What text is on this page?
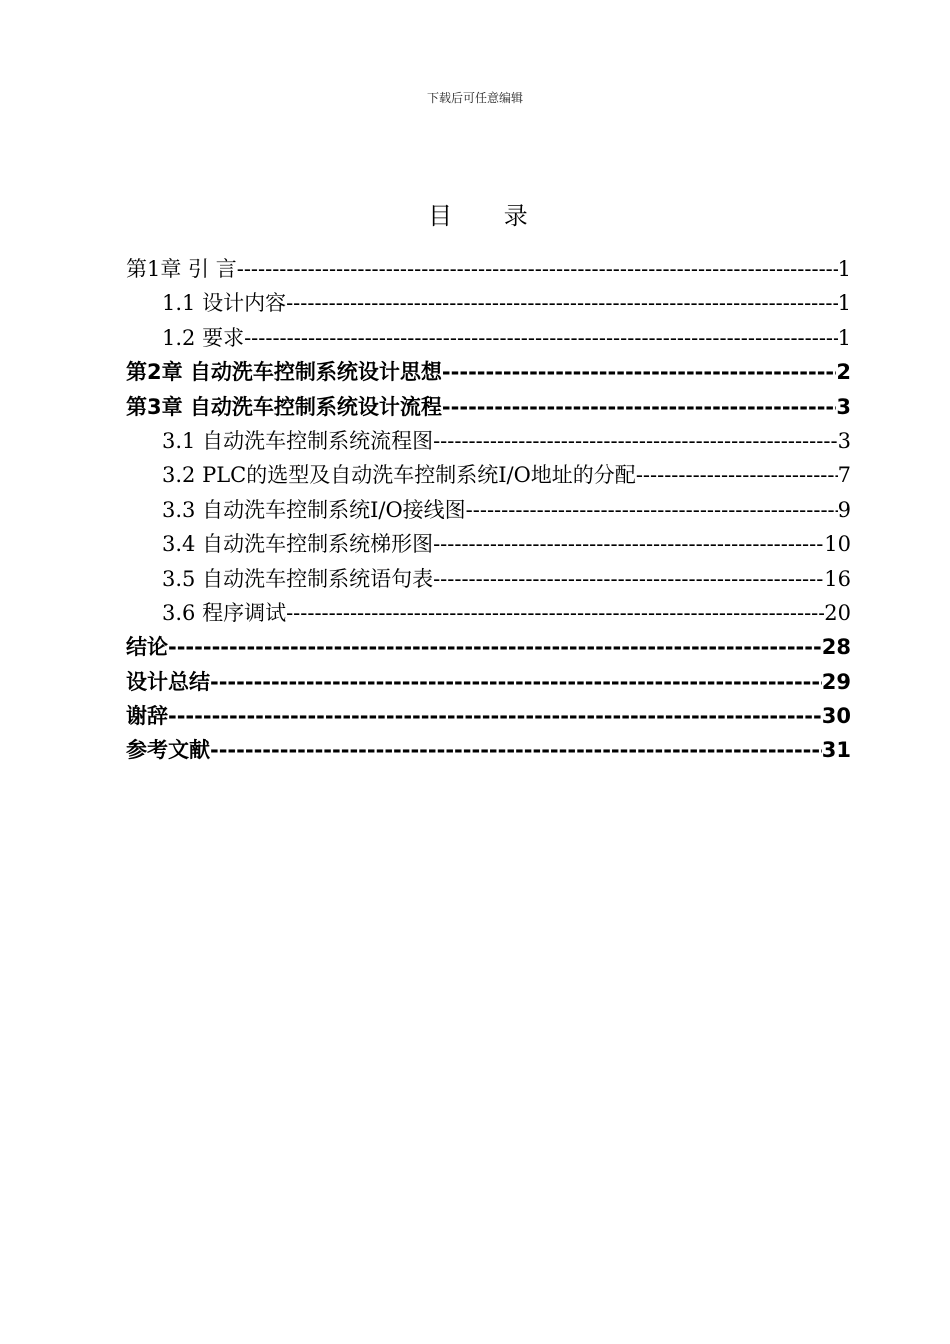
下载后可任意编辑
目 录
第1章 引 言 -----	1
1.1 设计内容 -----	1
1.2 要求 -----	1
第2章 自动洗车控制系统设计思想 -----	2
第3章 自动洗车控制系统设计流程 -----	3
3.1 自动洗车控制系统流程图 -----	3
3.2 PLC的选型及自动洗车控制系统I/O地址的分配 -----	7
3.3 自动洗车控制系统I/O接线图 -----	9
3.4 自动洗车控制系统梯形图 -----	10
3.5 自动洗车控制系统语句表 -----	16
3.6 程序调试 -----	20
结论 -----	28
设计总结 -----	29
谢辞 -----	30
参考文献 -----	31
